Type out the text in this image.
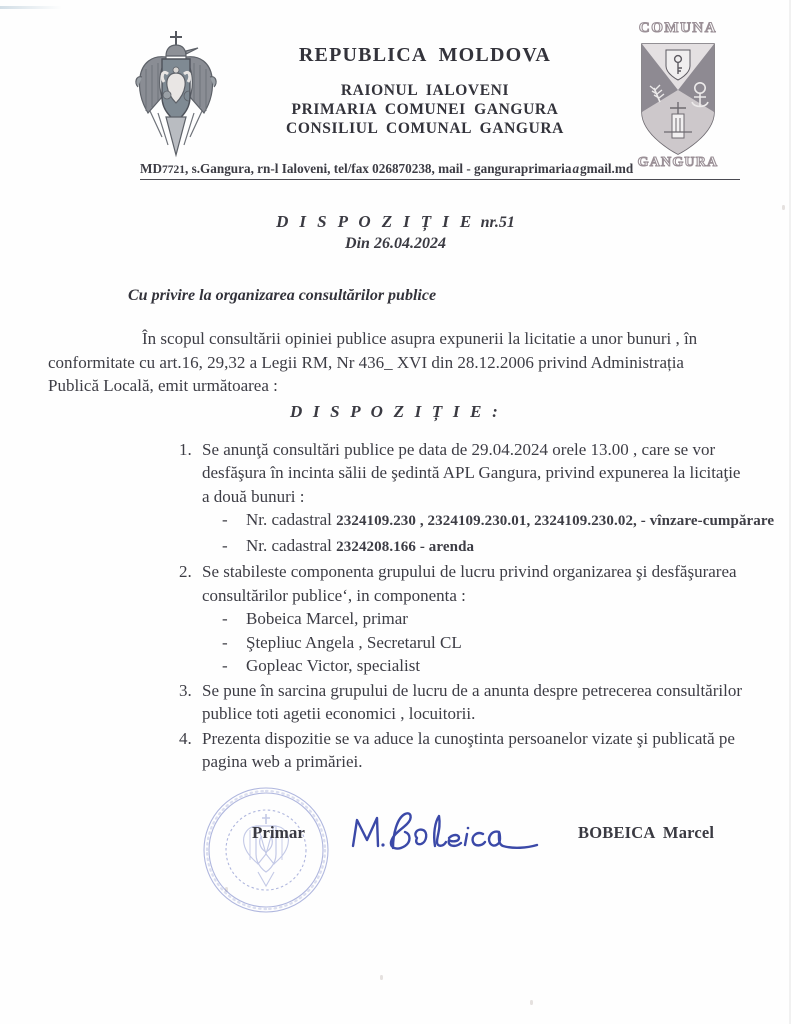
REPUBLICA MOLDOVA
RAIONUL IALOVENI
PRIMARIA COMUNEI GANGURA
CONSILIUL COMUNAL GANGURA
COMUNA
GANGURA
MD7721, s.Gangura, rn-l Ialoveni, tel/fax 026870238, mail - ganguraprimariaagmail.md
D I S P O Z I Ț I E nr.51
Din 26.04.2024
Cu privire la organizarea consultărilor publice
În scopul consultării opiniei publice asupra expunerii la licitatie a unor bunuri , în conformitate cu art.16, 29,32 a Legii RM, Nr 436_ XVI din 28.12.2006 privind Administrația Publică Locală, emit următoarea :
D I S P O Z I Ț I E :
1. Se anunţă consultări publice pe data de 29.04.2024 orele 13.00 , care se vor desfăşura în incinta sălii de şedintă APL Gangura, privind expunerea la licitaţie a două bunuri :
- Nr. cadastral 2324109.230 , 2324109.230.01, 2324109.230.02, - vînzare-cumpărare
- Nr. cadastral 2324208.166 - arenda
2. Se stabileste componenta grupului de lucru privind organizarea şi desfăşurarea consultărilor publice‘, in componenta :
- Bobeica Marcel, primar
- Ştepliuc Angela , Secretarul CL
- Gopleac Victor, specialist
3. Se pune în sarcina grupului de lucru de a anunta despre petrecerea consultărilor publice toti agetii economici , locuitorii.
4. Prezenta dispozitie se va aduce la cunoştinta persoanelor vizate şi publicată pe pagina web a primăriei.
Primar	BOBEICA Marcel
